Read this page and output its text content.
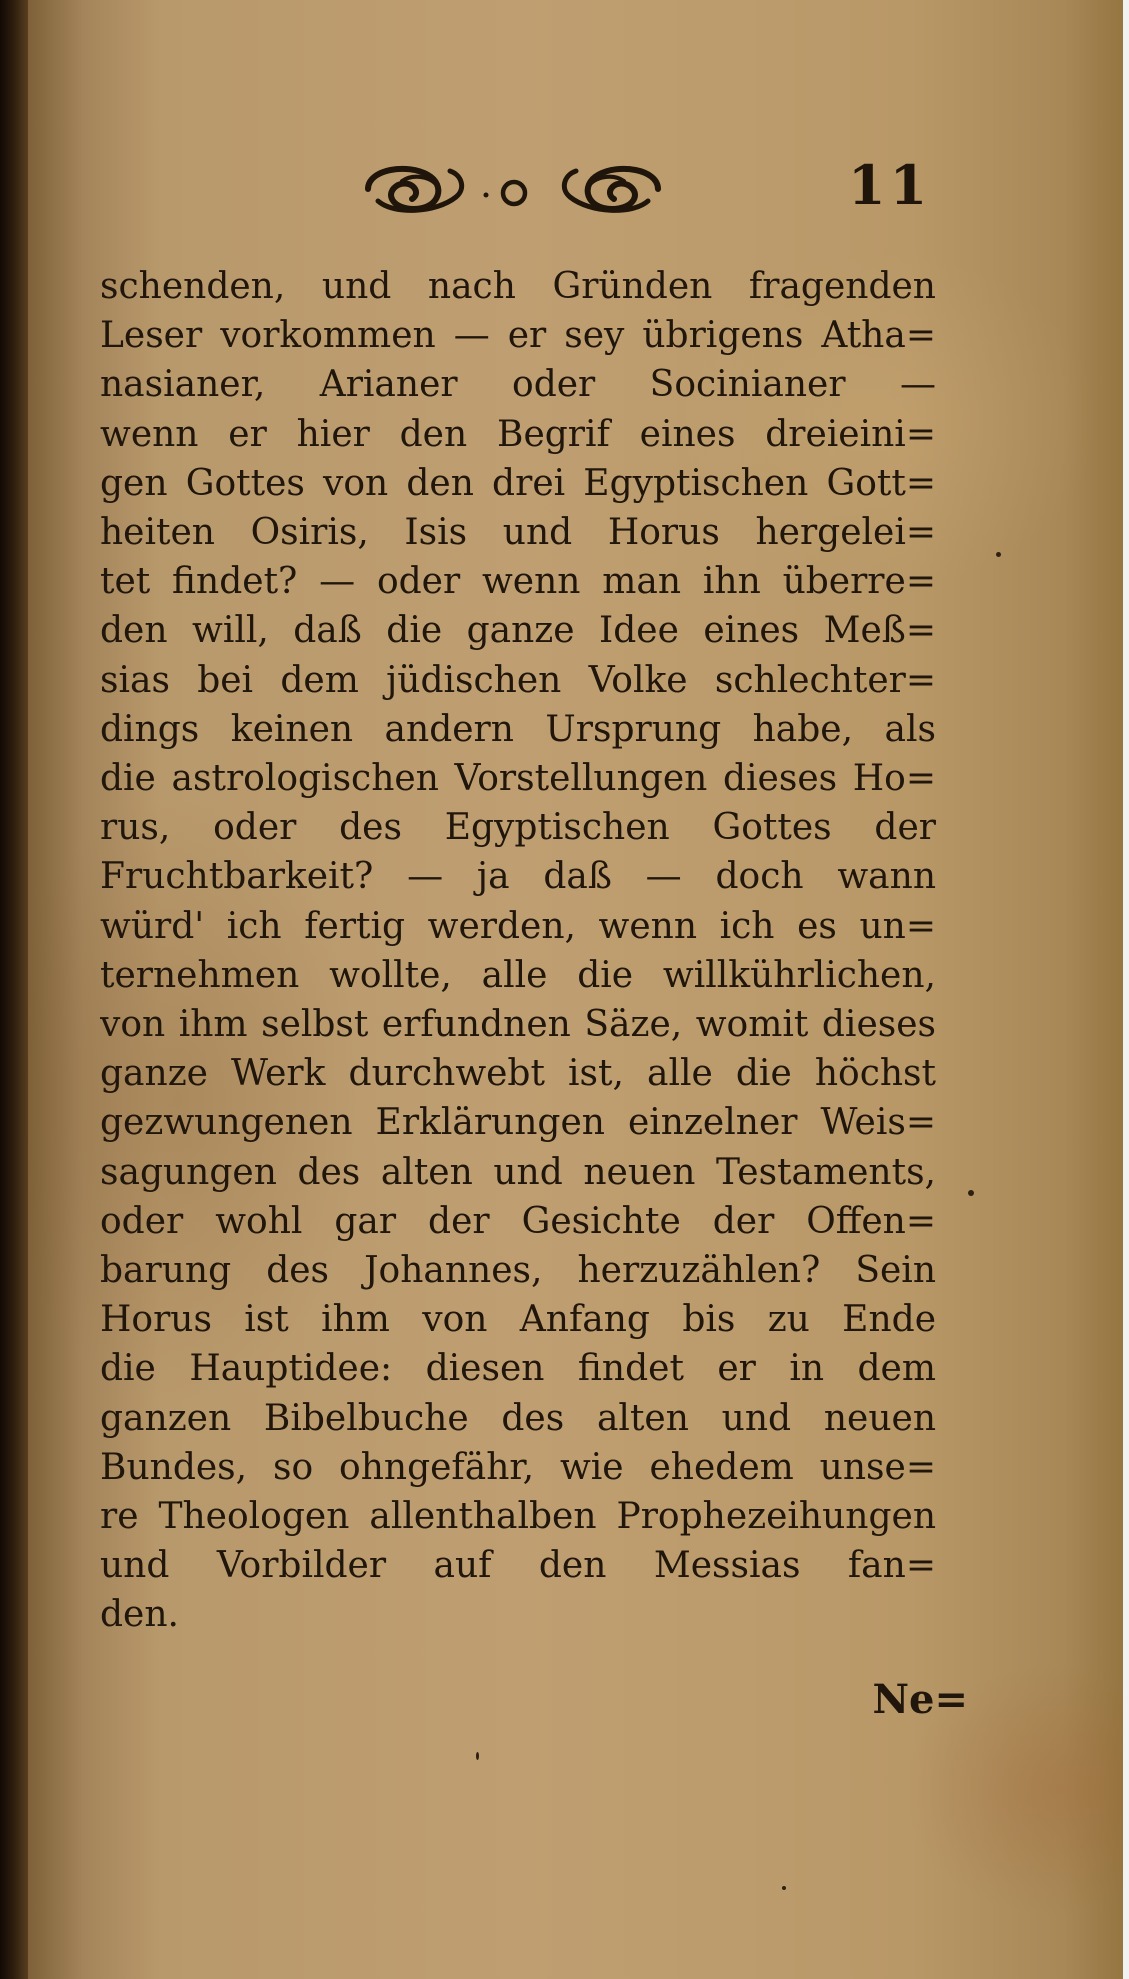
11
schenden, und nach Gründen fragenden
Leser vorkommen — er sey übrigens Atha=
nasianer, Arianer oder Socinianer —
wenn er hier den Begrif eines dreieini=
gen Gottes von den drei Egyptischen Gott=
heiten Osiris, Isis und Horus hergelei=
tet findet? — oder wenn man ihn überre=
den will, daß die ganze Idee eines Meß=
sias bei dem jüdischen Volke schlechter=
dings keinen andern Ursprung habe, als
die astrologischen Vorstellungen dieses Ho=
rus, oder des Egyptischen Gottes der
Fruchtbarkeit? — ja daß — doch wann
würd' ich fertig werden, wenn ich es un=
ternehmen wollte, alle die willkührlichen,
von ihm selbst erfundnen Säze, womit dieses
ganze Werk durchwebt ist, alle die höchst
gezwungenen Erklärungen einzelner Weis=
sagungen des alten und neuen Testaments,
oder wohl gar der Gesichte der Offen=
barung des Johannes, herzuzählen? Sein
Horus ist ihm von Anfang bis zu Ende
die Hauptidee: diesen findet er in dem
ganzen Bibelbuche des alten und neuen
Bundes, so ohngefähr, wie ehedem unse=
re Theologen allenthalben Prophezeihungen
und Vorbilder auf den Messias fan=
den.
Ne=
